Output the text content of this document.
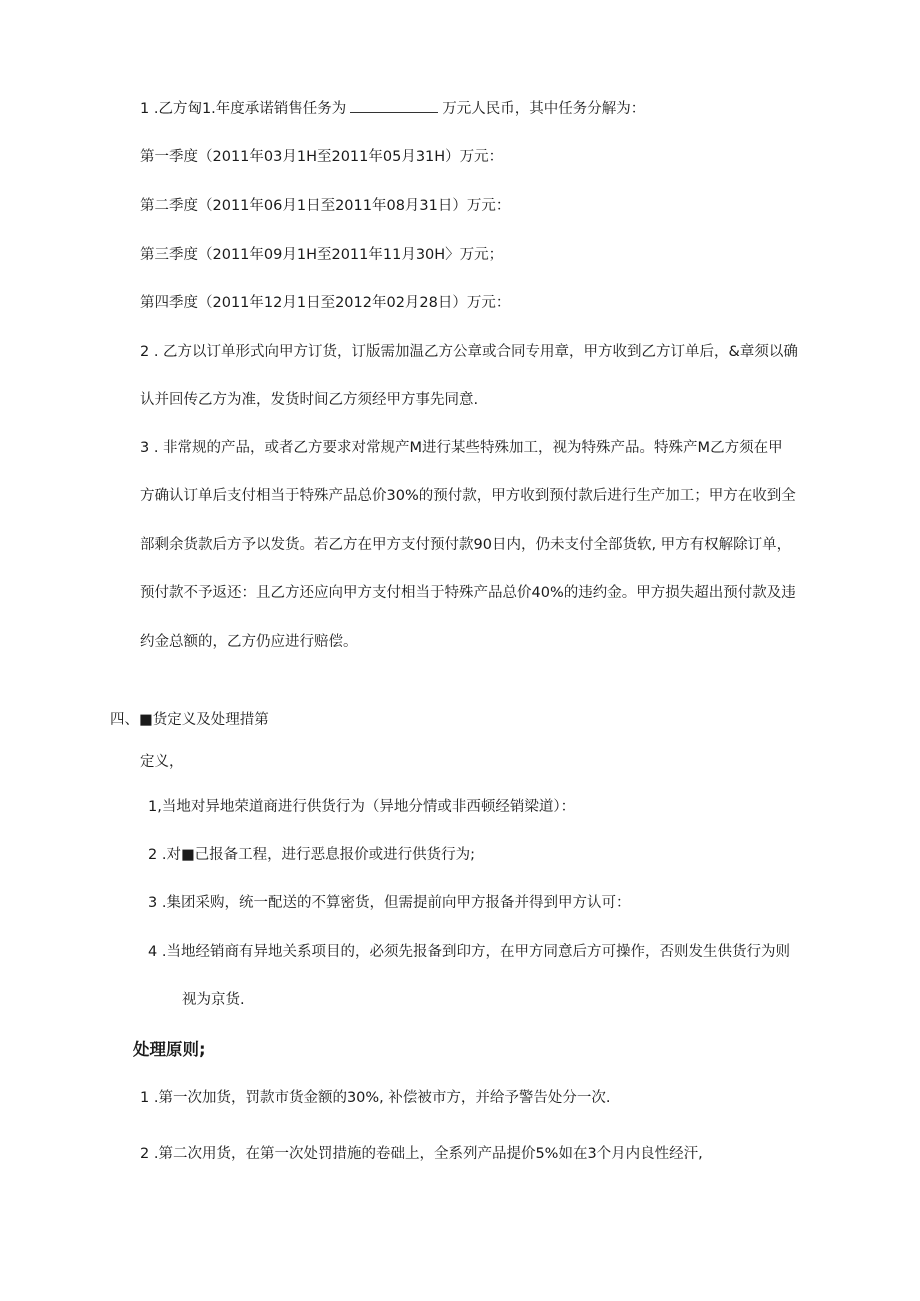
1 .乙方匈1.年度承诺销售任务为	万元人民币，其中任务分解为：
第一季度（2011年03月1H至2011年05月31H）万元：
第二季度（2011年06月1日至2011年08月31日）万元：
第三季度（2011年09月1H至2011年11月30H〉万元；
第四季度（2011年12月1日至2012年02月28日）万元：
2 . 乙方以订单形式向甲方订货，订版需加温乙方公章或合同专用章，甲方收到乙方订单后，&章须以确
认并回传乙方为准，发货时间乙方须经甲方事先同意.
3 . 非常规的产品，或者乙方要求对常规产M进行某些特殊加工，视为特殊产品。特殊产M乙方须在甲
方确认订单后支付相当于特殊产品总价30%的预付款，甲方收到预付款后进行生产加工；甲方在收到全
部剩余货款后方予以发货。若乙方在甲方支付预付款90日内，仍未支付全部货软, 甲方有权解除订单，
预付款不予返还：且乙方还应向甲方支付相当于特殊产品总价40%的违约金。甲方损失超出预付款及违
约金总额的，乙方仍应进行赔偿。
四、■货定义及处理措第
定义，
1,当地对异地荣道商进行供货行为（异地分情或非西顿经销梁道）：
2 .对■己报备工程，进行恶息报价或进行供货行为;
3 .集团采购，统一配送的不算密货，但需提前向甲方报备并得到甲方认可：
4 .当地经销商有异地关系项目的，必须先报备到印方，在甲方同意后方可操作，否则发生供货行为则
视为京货.
处理原则;
1 .第一次加货，罚款市货金额的30%, 补偿被市方，并给予警告处分一次.
2 .第二次用货，在第一次处罚措施的卷础上，全系列产品提价5%如在3个月内良性经汗,
